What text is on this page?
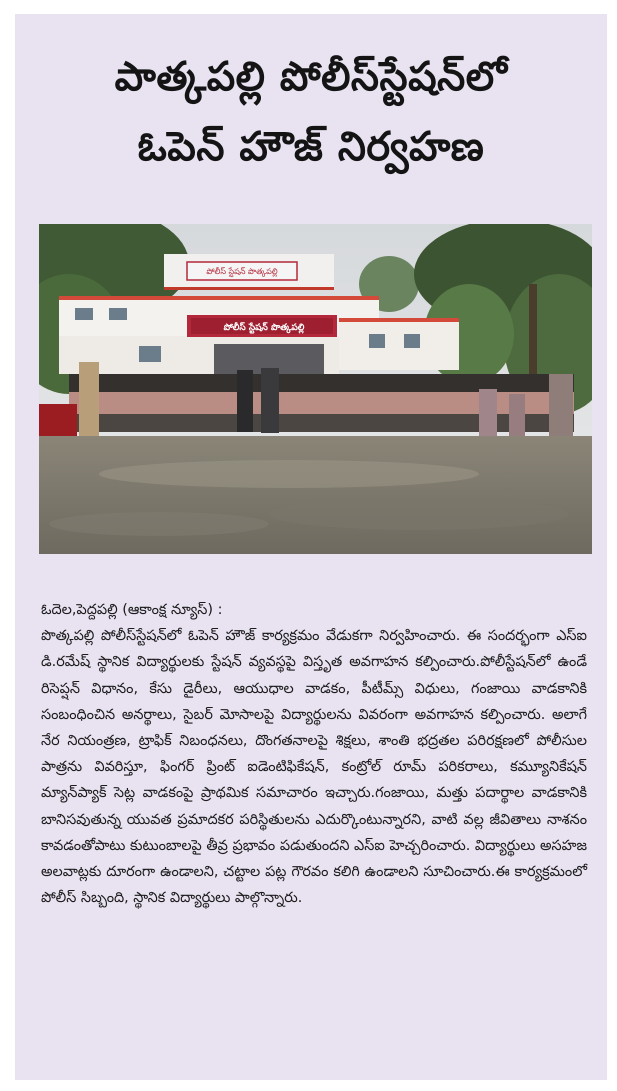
పాత్కపల్లి పోలీస్‌స్టేషన్‌లో
ఓపెన్ హౌజ్ నిర్వహణ
పోలీస్ స్టేషన్ పొత్కపల్లి
పోలీస్ స్టేషన్ పొత్కపల్లి
ఓదెల,పెద్దపల్లి (ఆకాంక్ష న్యూస్) :
పొత్కపల్లి పోలీస్‌స్టేషన్‌లో ఓపెన్ హౌజ్ కార్యక్రమం వేడుకగా నిర్వహించారు. ఈ సందర్భంగా ఎస్ఐ డి.రమేష్ స్థానిక విద్యార్థులకు స్టేషన్ వ్యవస్థపై విస్తృత అవగాహన కల్పించారు.పోలీస్టేషన్‌లో ఉండే రిసెప్షన్ విధానం, కేసు డైరీలు, ఆయుధాల వాడకం, పీటీమ్స్ విధులు, గంజాయి వాడకానికి సంబంధించిన అనర్థాలు, సైబర్ మోసాలపై విద్యార్థులను వివరంగా అవగాహన కల్పించారు. అలాగే నేర నియంత్రణ, ట్రాఫిక్ నిబంధనలు, దొంగతనాలపై శిక్షలు, శాంతి భద్రతల పరిరక్షణలో పోలీసుల పాత్రను వివరిస్తూ, ఫింగర్ ప్రింట్ ఐడెంటిఫికేషన్, కంట్రోల్ రూమ్ పరికరాలు, కమ్యూనికేషన్ మ్యాన్‌ప్యాక్ సెట్ల వాడకంపై ప్రాథమిక సమాచారం ఇచ్చారు.గంజాయి, మత్తు పదార్థాల వాడకానికి బానిసవుతున్న యువత ప్రమాదకర పరిస్థితులను ఎదుర్కొంటున్నారని, వాటి వల్ల జీవితాలు నాశనం కావడంతోపాటు కుటుంబాలపై తీవ్ర ప్రభావం పడుతుందని ఎస్ఐ హెచ్చరించారు. విద్యార్థులు అసహజ అలవాట్లకు దూరంగా ఉండాలని, చట్టాల పట్ల గౌరవం కలిగి ఉండాలని సూచించారు.ఈ కార్యక్రమంలో పోలీస్ సిబ్బంది, స్థానిక విద్యార్థులు పాల్గొన్నారు.
